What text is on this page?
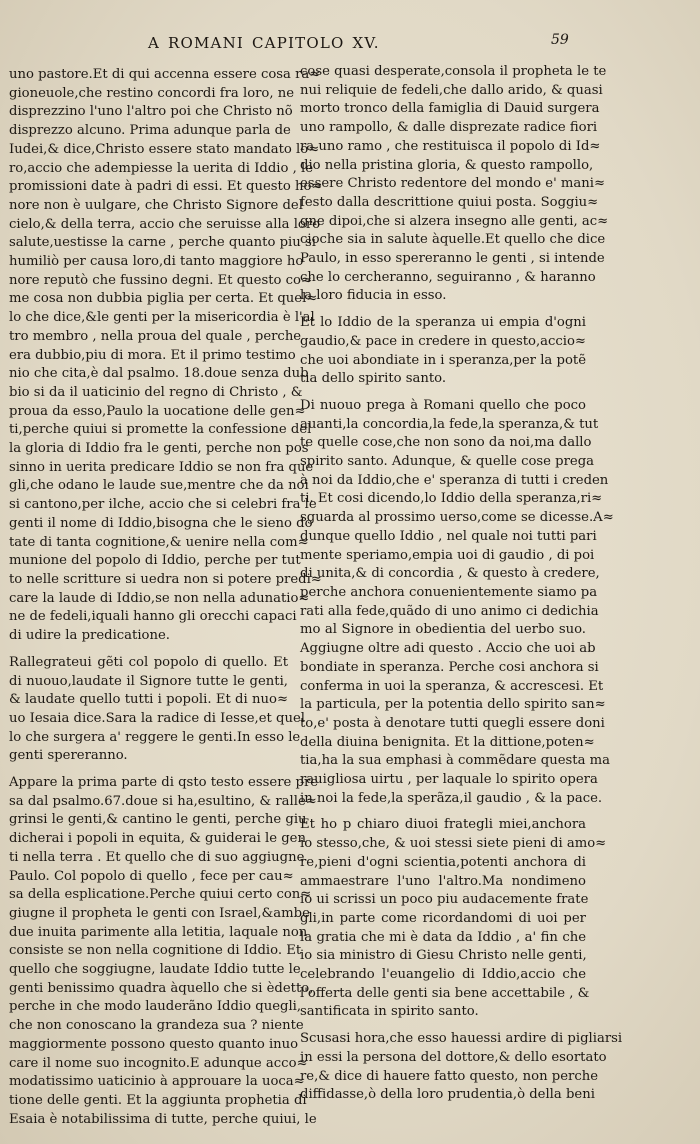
A ROMANI CAPITOLO XV.	59
uno pastore.Et di qui accenna essere cosa ra≈
gioneuole,che restino concordi fra loro, ne
disprezzino l'uno l'altro poi che Christo nõ
disprezzo alcuno. Prima adunque parla de
Iudei,& dice,Christo essere stato mandato lo≈
ro,accio che adempiesse la uerita di Iddio , le
promissioni date à padri di essi. Et questo ho≈
nore non è uulgare, che Christo Signore del
cielo,& della terra, accio che seruisse alla loro
salute,uestisse la carne , perche quanto piu si
humiliò per causa loro,di tanto maggiore ho
nore reputò che fussino degni. Et questo co≈
me cosa non dubbia piglia per certa. Et quel≈
lo che dice,&le genti per la misericordia è l'al
tro membro , nella proua del quale , perche
era dubbio,piu di mora. Et il primo testimo
nio che cita,è dal psalmo. 18.doue senza dub
bio si da il uaticinio del regno di Christo , &
proua da esso,Paulo la uocatione delle gen≈
ti,perche quiui si promette la confessione del
la gloria di Iddio fra le genti, perche non pos
sinno in uerita predicare Iddio se non fra que
gli,che odano le laude sue,mentre che da noi
si cantono,per ilche, accio che si celebri fra le
genti il nome di Iddio,bisogna che le sieno do
tate di tanta cognitione,& uenire nella com≈
munione del popolo di Iddio, perche per tut
to nelle scritture si uedra non si potere predi≈
care la laude di Iddio,se non nella adunatio≈
ne de fedeli,iquali hanno gli orecchi capaci
di udire la predicatione.
Rallegrateui gẽti col popolo di quello. Et
di nuouo,laudate il Signore tutte le genti,
& laudate quello tutti i popoli. Et di nuo≈
uo Iesaia dice.Sara la radice di Iesse,et quel
lo che surgera a' reggere le genti.In esso le
genti spereranno.
Appare la prima parte di qsto testo essere pre
sa dal psalmo.67.doue si ha,esultino, & ralle≈
grinsi le genti,& cantino le genti, perche giu
dicherai i popoli in equita, & guiderai le gen
ti nella terra . Et quello che di suo aggiugne
Paulo. Col popolo di quello , fece per cau≈
sa della esplicatione.Perche quiui certo con≈
giugne il propheta le genti con Israel,&ambe
due inuita parimente alla letitia, laquale non
consiste se non nella cognitione di Iddio. Et
quello che soggiugne, laudate Iddio tutte le
genti benissimo quadra àquello che si èdetto,
perche in che modo lauderãno Iddio quegli,
che non conoscano la grandeza sua ? niente
maggiormente possono questo quanto inuo
care il nome suo incognito.E adunque acco≈
modatissimo uaticinio à approuare la uoca≈
tione delle genti. Et la aggiunta prophetia di
Esaia è notabilissima di tutte, perche quiui, le
cose quasi desperate,consola il propheta le te
nui reliquie de fedeli,che dallo arido, & quasi
morto tronco della famiglia di Dauid surgera
uno rampollo, & dalle disprezate radice fiori
ra uno ramo , che restituisca il popolo di Id≈
dio nella pristina gloria, & questo rampollo,
essere Christo redentore del mondo e' mani≈
festo dalla descrittione quiui posta. Soggiu≈
gne dipoi,che si alzera insegno alle genti, ac≈
cioche sia in salute àquelle.Et quello che dice
Paulo, in esso spereranno le genti , si intende
che lo cercheranno, seguiranno , & haranno
la loro fiducia in esso.
Et lo Iddio de la speranza ui empia d'ogni
gaudio,& pace in credere in questo,accio≈
che uoi abondiate in i speranza,per la potẽ
tia dello spirito santo.
Di nuouo prega à Romani quello che poco
auanti,la concordia,la fede,la speranza,& tut
te quelle cose,che non sono da noi,ma dallo
spirito santo. Adunque, & quelle cose prega
à noi da Iddio,che e' speranza di tutti i creden
ti. Et cosi dicendo,lo Iddio della speranza,ri≈
sguarda al prossimo uerso,come se dicesse.A≈
dunque quello Iddio , nel quale noi tutti pari
mente speriamo,empia uoi di gaudio , di poi
di unita,& di concordia , & questo à credere,
perche anchora conuenientemente siamo pa
rati alla fede,quãdo di uno animo ci dedichia
mo al Signore in obedientia del uerbo suo.
Aggiugne oltre adi questo . Accio che uoi ab
bondiate in speranza. Perche cosi anchora si
conferma in uoi la speranza, & accrescesi. Et
la particula, per la potentia dello spirito san≈
to,e' posta à denotare tutti quegli essere doni
della diuina benignita. Et la dittione,poten≈
tia,ha la sua emphasi à commẽdare questa ma
rauigliosa uirtu , per laquale lo spirito opera
in noi la fede,la sperãza,il gaudio , & la pace.
Et ho p chiaro diuoi frategli miei,anchora
io stesso,che, & uoi stessi siete pieni di amo≈
re,pieni d'ogni scientia,potenti anchora di
ammaestrare l'uno l'altro.Ma nondimeno
io ui scrissi un poco piu audacemente frate
gli,in parte come ricordandomi di uoi per
la gratia che mi è data da Iddio , a' fin che
io sia ministro di Giesu Christo nelle genti,
celebrando l'euangelio di Iddio,accio che
l'offerta delle genti sia bene accettabile , &
santificata in spirito santo.
Scusasi hora,che esso hauessi ardire di pigliarsi
in essi la persona del dottore,& dello esortato
re,& dice di hauere fatto questo, non perche
diffidasse,ò della loro prudentia,ò della beni
